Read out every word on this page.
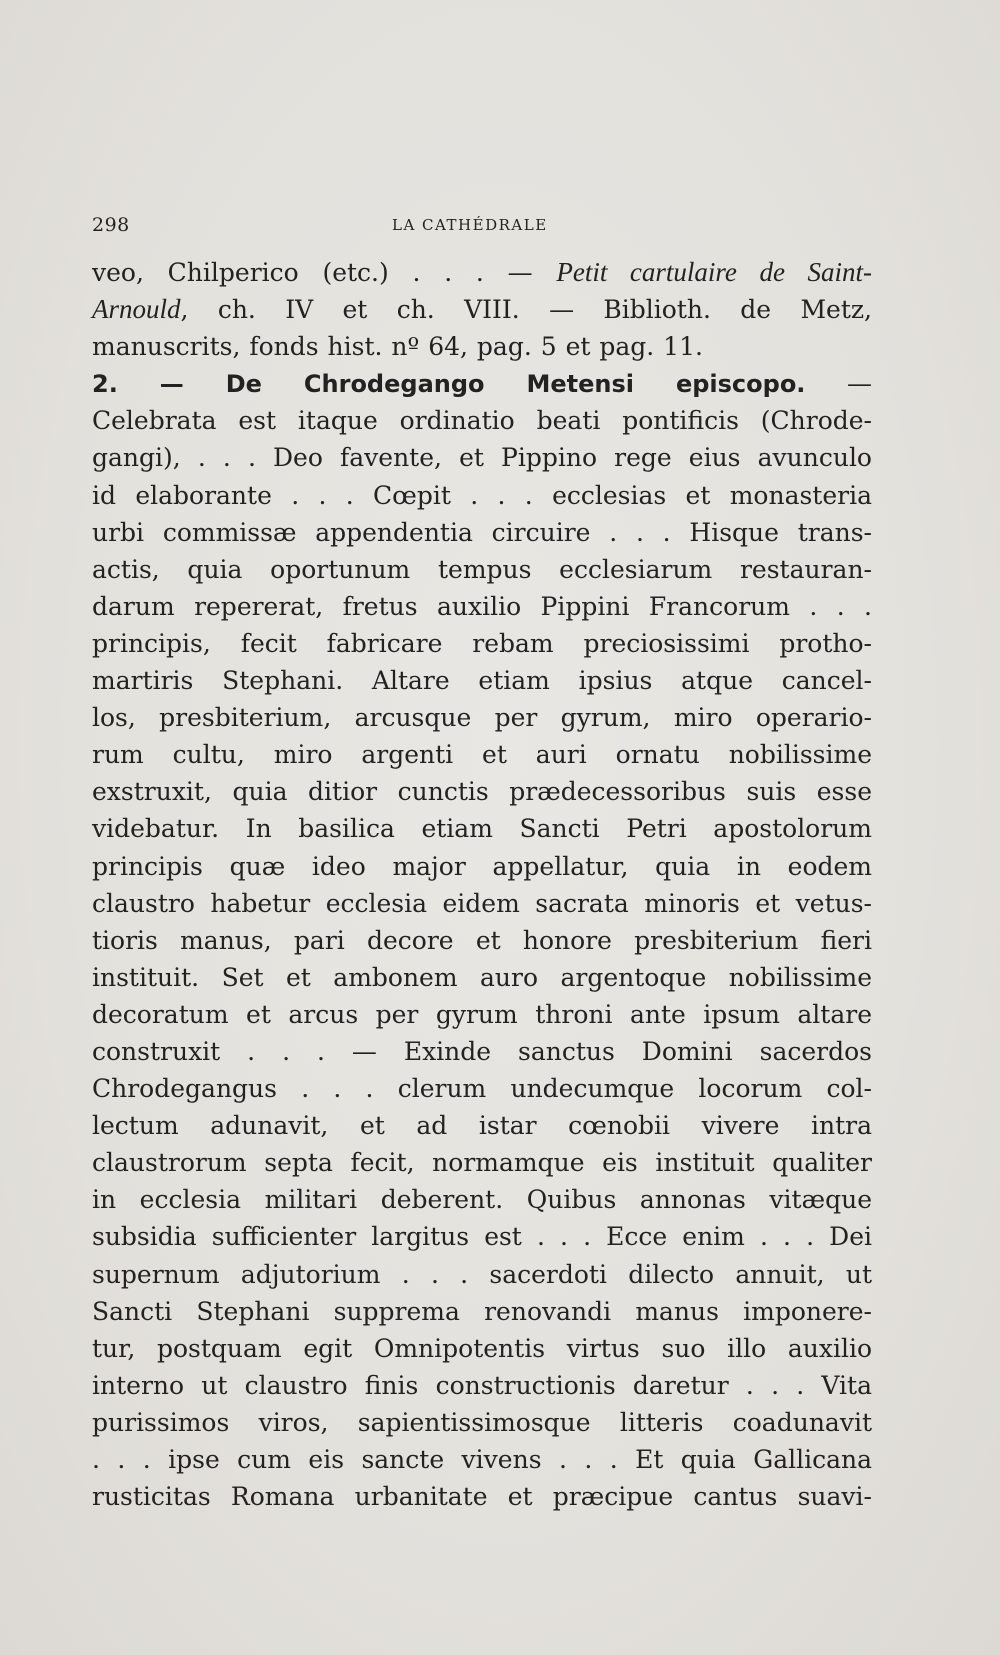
298	LA CATHÉDRALE
veo, Chilperico (etc.) . . . — Petit cartulaire de Saint-
Arnould, ch. IV et ch. VIII. — Biblioth. de Metz,
manuscrits, fonds hist. nº 64, pag. 5 et pag. 11.
2. — De Chrodegango Metensi episcopo. —
Celebrata est itaque ordinatio beati pontificis (Chrode-
gangi), . . . Deo favente, et Pippino rege eius avunculo
id elaborante . . . Cœpit . . . ecclesias et monasteria
urbi commissæ appendentia circuire . . . Hisque trans-
actis, quia oportunum tempus ecclesiarum restauran-
darum repererat, fretus auxilio Pippini Francorum . . .
principis, fecit fabricare rebam preciosissimi protho-
martiris Stephani. Altare etiam ipsius atque cancel-
los, presbiterium, arcusque per gyrum, miro operario-
rum cultu, miro argenti et auri ornatu nobilissime
exstruxit, quia ditior cunctis prædecessoribus suis esse
videbatur. In basilica etiam Sancti Petri apostolorum
principis quæ ideo major appellatur, quia in eodem
claustro habetur ecclesia eidem sacrata minoris et vetus-
tioris manus, pari decore et honore presbiterium fieri
instituit. Set et ambonem auro argentoque nobilissime
decoratum et arcus per gyrum throni ante ipsum altare
construxit . . . — Exinde sanctus Domini sacerdos
Chrodegangus . . . clerum undecumque locorum col-
lectum adunavit, et ad istar cœnobii vivere intra
claustrorum septa fecit, normamque eis instituit qualiter
in ecclesia militari deberent. Quibus annonas vitæque
subsidia sufficienter largitus est . . . Ecce enim . . . Dei
supernum adjutorium . . . sacerdoti dilecto annuit, ut
Sancti Stephani supprema renovandi manus imponere-
tur, postquam egit Omnipotentis virtus suo illo auxilio
interno ut claustro finis constructionis daretur . . . Vita
purissimos viros, sapientissimosque litteris coadunavit
. . . ipse cum eis sancte vivens . . . Et quia Gallicana
rusticitas Romana urbanitate et præcipue cantus suavi-
